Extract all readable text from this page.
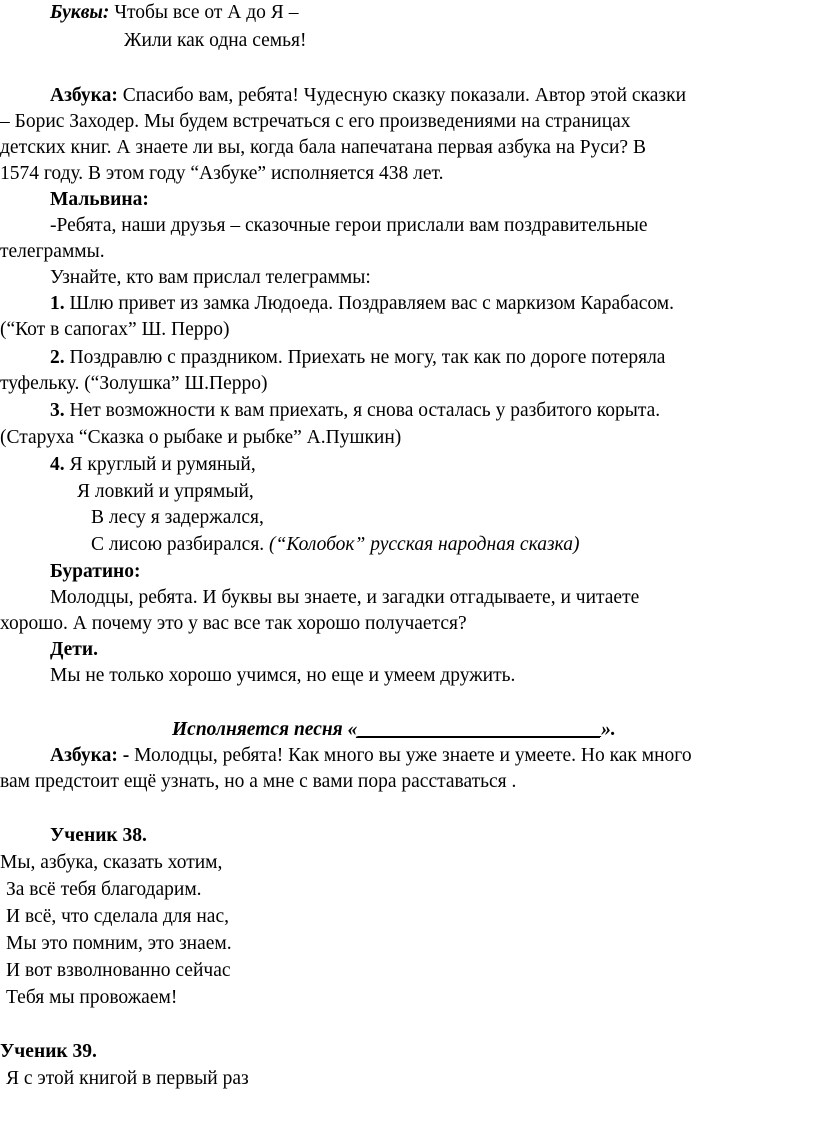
Буквы: Чтобы все от А до Я –
Жили как одна семья!
Азбука: Спасибо вам, ребята! Чудесную сказку показали. Автор этой сказки
– Борис Заходер. Мы будем встречаться с его произведениями на страницах
детских книг. А знаете ли вы, когда бала напечатана первая азбука на Руси? В
1574 году. В этом году “Азбуке” исполняется 438 лет.
Мальвина:
-Ребята, наши друзья – сказочные герои прислали вам поздравительные
телеграммы.
Узнайте, кто вам прислал телеграммы:
1. Шлю привет из замка Людоеда. Поздравляем вас с маркизом Карабасом.
(“Кот в сапогах” Ш. Перро)
2. Поздравлю с праздником. Приехать не могу, так как по дороге потеряла
туфельку. (“Золушка” Ш.Перро)
3. Нет возможности к вам приехать, я снова осталась у разбитого корыта.
(Старуха “Сказка о рыбаке и рыбке” А.Пушкин)
4. Я круглый и румяный,
Я ловкий и упрямый,
В лесу я задержался,
С лисою разбирался. (“Колобок” русская народная сказка)
Буратино:
Молодцы, ребята. И буквы вы знаете, и загадки отгадываете, и читаете
хорошо. А почему это у вас все так хорошо получается?
Дети.
Мы не только хорошо учимся, но еще и умеем дружить.
Исполняется песня «_________________________».
Азбука: - Молодцы, ребята! Как много вы уже знаете и умеете. Но как много
вам предстоит ещё узнать, но а мне с вами пора расставаться .
Ученик 38.
Мы, азбука, сказать хотим,
За всё тебя благодарим.
И всё, что сделала для нас,
Мы это помним, это знаем.
И вот взволнованно сейчас
Тебя мы провожаем!
Ученик 39.
Я с этой книгой в первый раз
